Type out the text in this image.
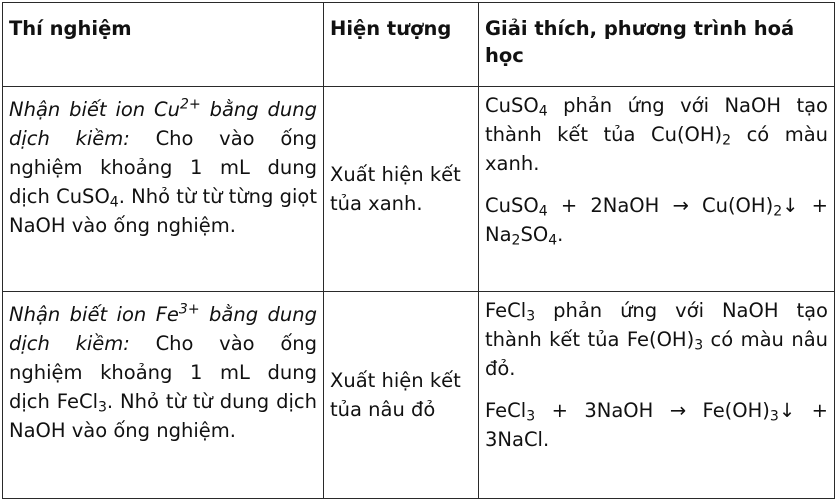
Thí nghiệm	Hiện tượng	Giải thích, phương trình hoá học
Nhận biết ion $Cu^{2+}$ bằng dung dịch kiềm: Cho vào ống nghiệm khoảng 1 mL dung dịch CuSO$_4$. Nhỏ từ từ từng giọt NaOH vào ống nghiệm.	Xuất hiện kết tủa xanh.	CuSO$_4$ phản ứng với NaOH tạo thành kết tủa $Cu(OH)_2$ có màu xanh.

CuSO$_4$ + 2NaOH → $Cu(OH)_2↓ + Na_2SO_4$.

Nhận biết ion $Fe^{3+}$ bằng dung dịch kiềm: Cho vào ống nghiệm khoảng 1 mL dung dịch FeCl$_3$. Nhỏ từ từ dung dịch NaOH vào ống nghiệm.	Xuất hiện kết tủa nâu đỏ	FeCl$_3$ phản ứng với NaOH tạo thành kết tủa $Fe(OH)_3$ có màu nâu đỏ.

FeCl$_3$ + 3NaOH → $Fe(OH)_3↓$ + 3NaCl.
